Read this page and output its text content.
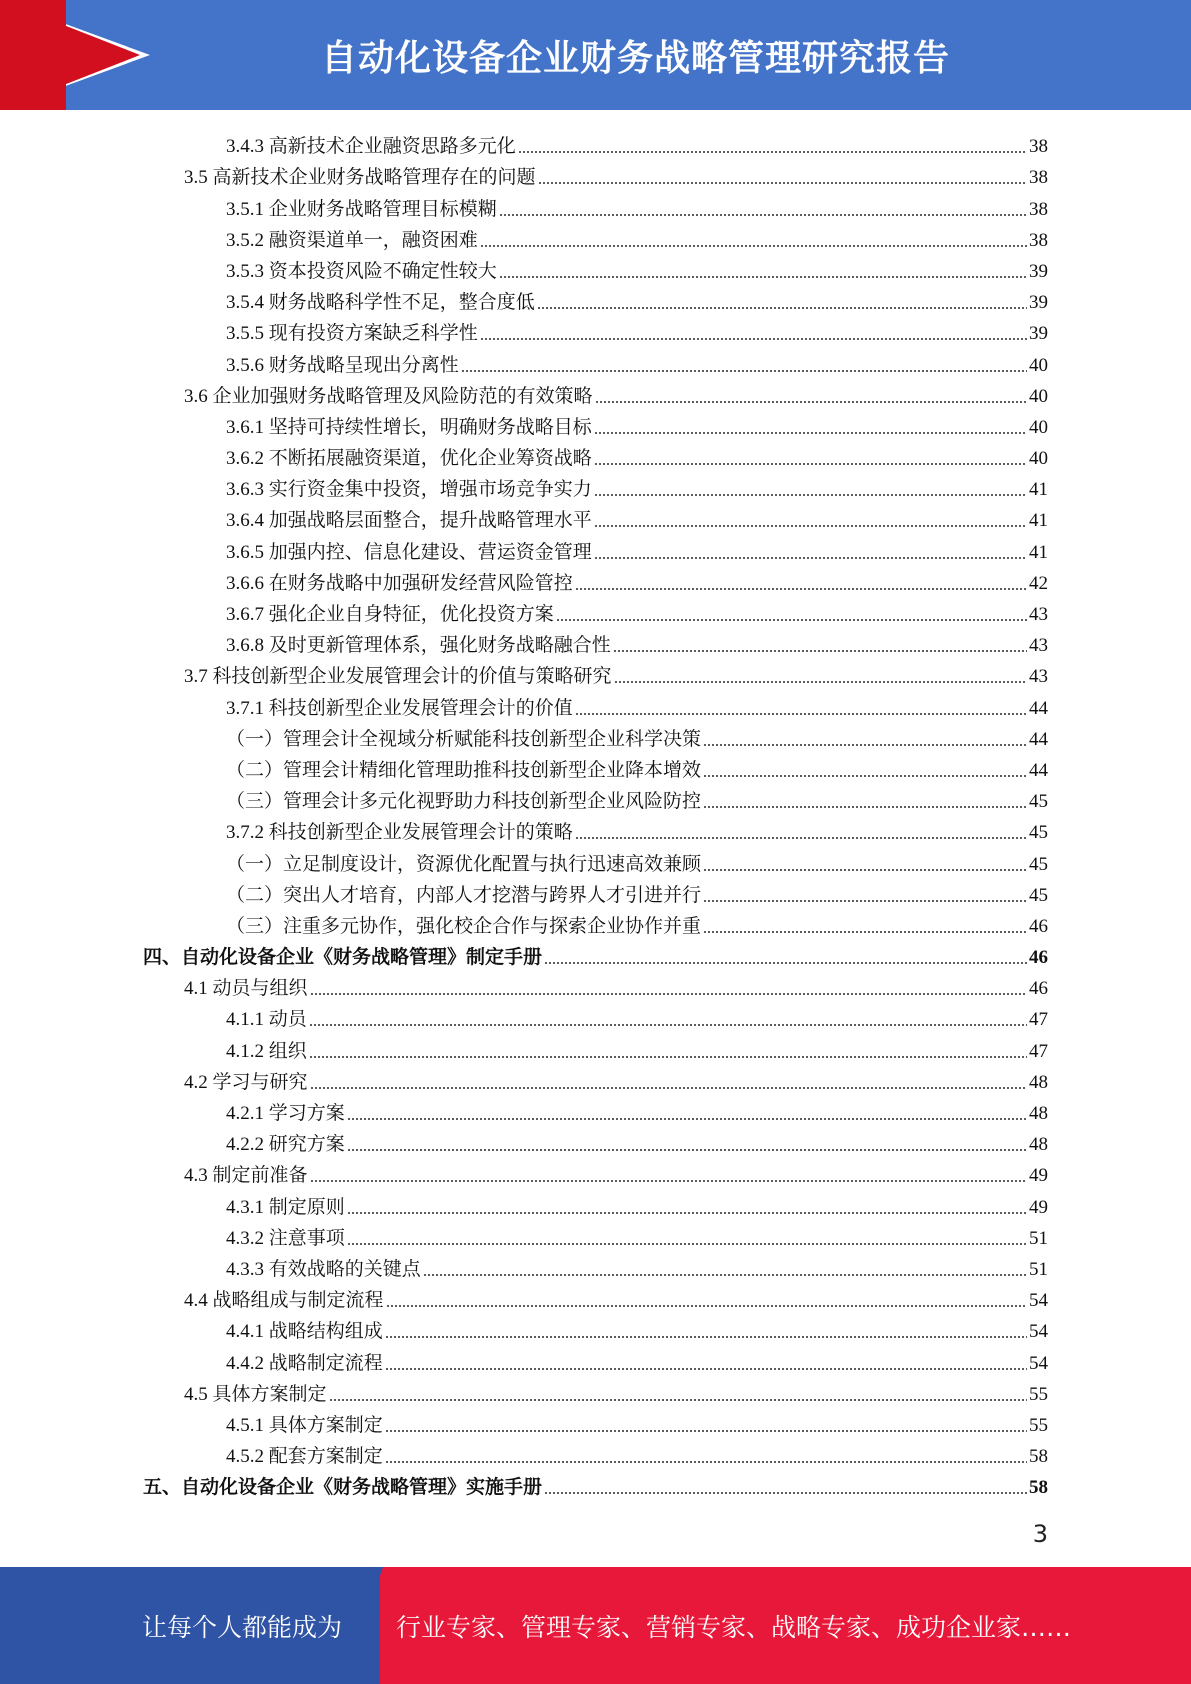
自动化设备企业财务战略管理研究报告
3.4.3 高新技术企业融资思路多元化	38
3.5 高新技术企业财务战略管理存在的问题	38
3.5.1 企业财务战略管理目标模糊	38
3.5.2 融资渠道单一，融资困难	38
3.5.3 资本投资风险不确定性较大	39
3.5.4 财务战略科学性不足，整合度低	39
3.5.5 现有投资方案缺乏科学性	39
3.5.6 财务战略呈现出分离性	40
3.6 企业加强财务战略管理及风险防范的有效策略	40
3.6.1 坚持可持续性增长，明确财务战略目标	40
3.6.2 不断拓展融资渠道，优化企业筹资战略	40
3.6.3 实行资金集中投资，增强市场竞争实力	41
3.6.4 加强战略层面整合，提升战略管理水平	41
3.6.5 加强内控、信息化建设、营运资金管理	41
3.6.6 在财务战略中加强研发经营风险管控	42
3.6.7 强化企业自身特征，优化投资方案	43
3.6.8 及时更新管理体系，强化财务战略融合性	43
3.7 科技创新型企业发展管理会计的价值与策略研究	43
3.7.1 科技创新型企业发展管理会计的价值	44
（一）管理会计全视域分析赋能科技创新型企业科学决策	44
（二）管理会计精细化管理助推科技创新型企业降本增效	44
（三）管理会计多元化视野助力科技创新型企业风险防控	45
3.7.2 科技创新型企业发展管理会计的策略	45
（一）立足制度设计，资源优化配置与执行迅速高效兼顾	45
（二）突出人才培育，内部人才挖潜与跨界人才引进并行	45
（三）注重多元协作，强化校企合作与探索企业协作并重	46
四、自动化设备企业《财务战略管理》制定手册	46
4.1 动员与组织	46
4.1.1 动员	47
4.1.2 组织	47
4.2 学习与研究	48
4.2.1 学习方案	48
4.2.2 研究方案	48
4.3 制定前准备	49
4.3.1 制定原则	49
4.3.2 注意事项	51
4.3.3 有效战略的关键点	51
4.4 战略组成与制定流程	54
4.4.1 战略结构组成	54
4.4.2 战略制定流程	54
4.5 具体方案制定	55
4.5.1 具体方案制定	55
4.5.2 配套方案制定	58
五、自动化设备企业《财务战略管理》实施手册	58
3
让每个人都能成为 行业专家、管理专家、营销专家、战略专家、成功企业家……
